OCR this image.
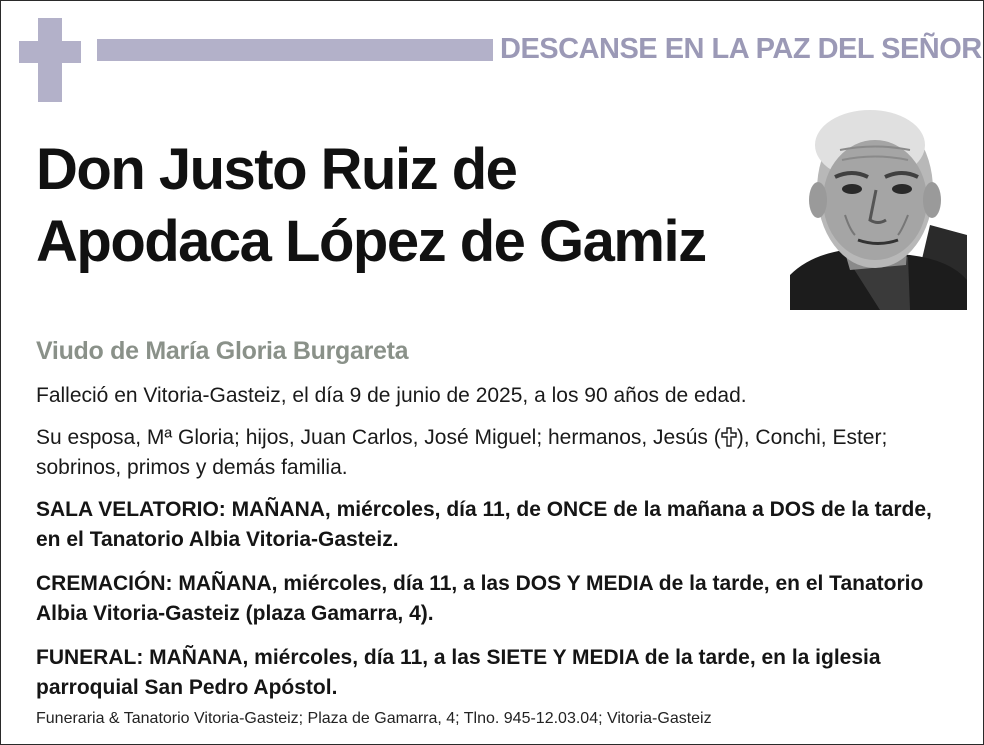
DESCANSE EN LA PAZ DEL SEÑOR
Don Justo Ruiz de
Apodaca López de Gamiz
Viudo de María Gloria Burgareta
Falleció en Vitoria-Gasteiz, el día 9 de junio de 2025, a los 90 años de edad.
Su esposa, Mª Gloria; hijos, Juan Carlos, José Miguel; hermanos, Jesús ( ), Conchi, Ester; sobrinos, primos y demás familia.
SALA VELATORIO: MAÑANA, miércoles, día 11, de ONCE de la mañana a DOS de la tarde, en el Tanatorio Albia Vitoria-Gasteiz.
CREMACIÓN: MAÑANA, miércoles, día 11, a las DOS Y MEDIA de la tarde, en el Tanatorio Albia Vitoria-Gasteiz (plaza Gamarra, 4).
FUNERAL: MAÑANA, miércoles, día 11, a las SIETE Y MEDIA de la tarde, en la iglesia parroquial San Pedro Apóstol.
Funeraria & Tanatorio Vitoria-Gasteiz; Plaza de Gamarra, 4; Tlno. 945-12.03.04; Vitoria-Gasteiz
